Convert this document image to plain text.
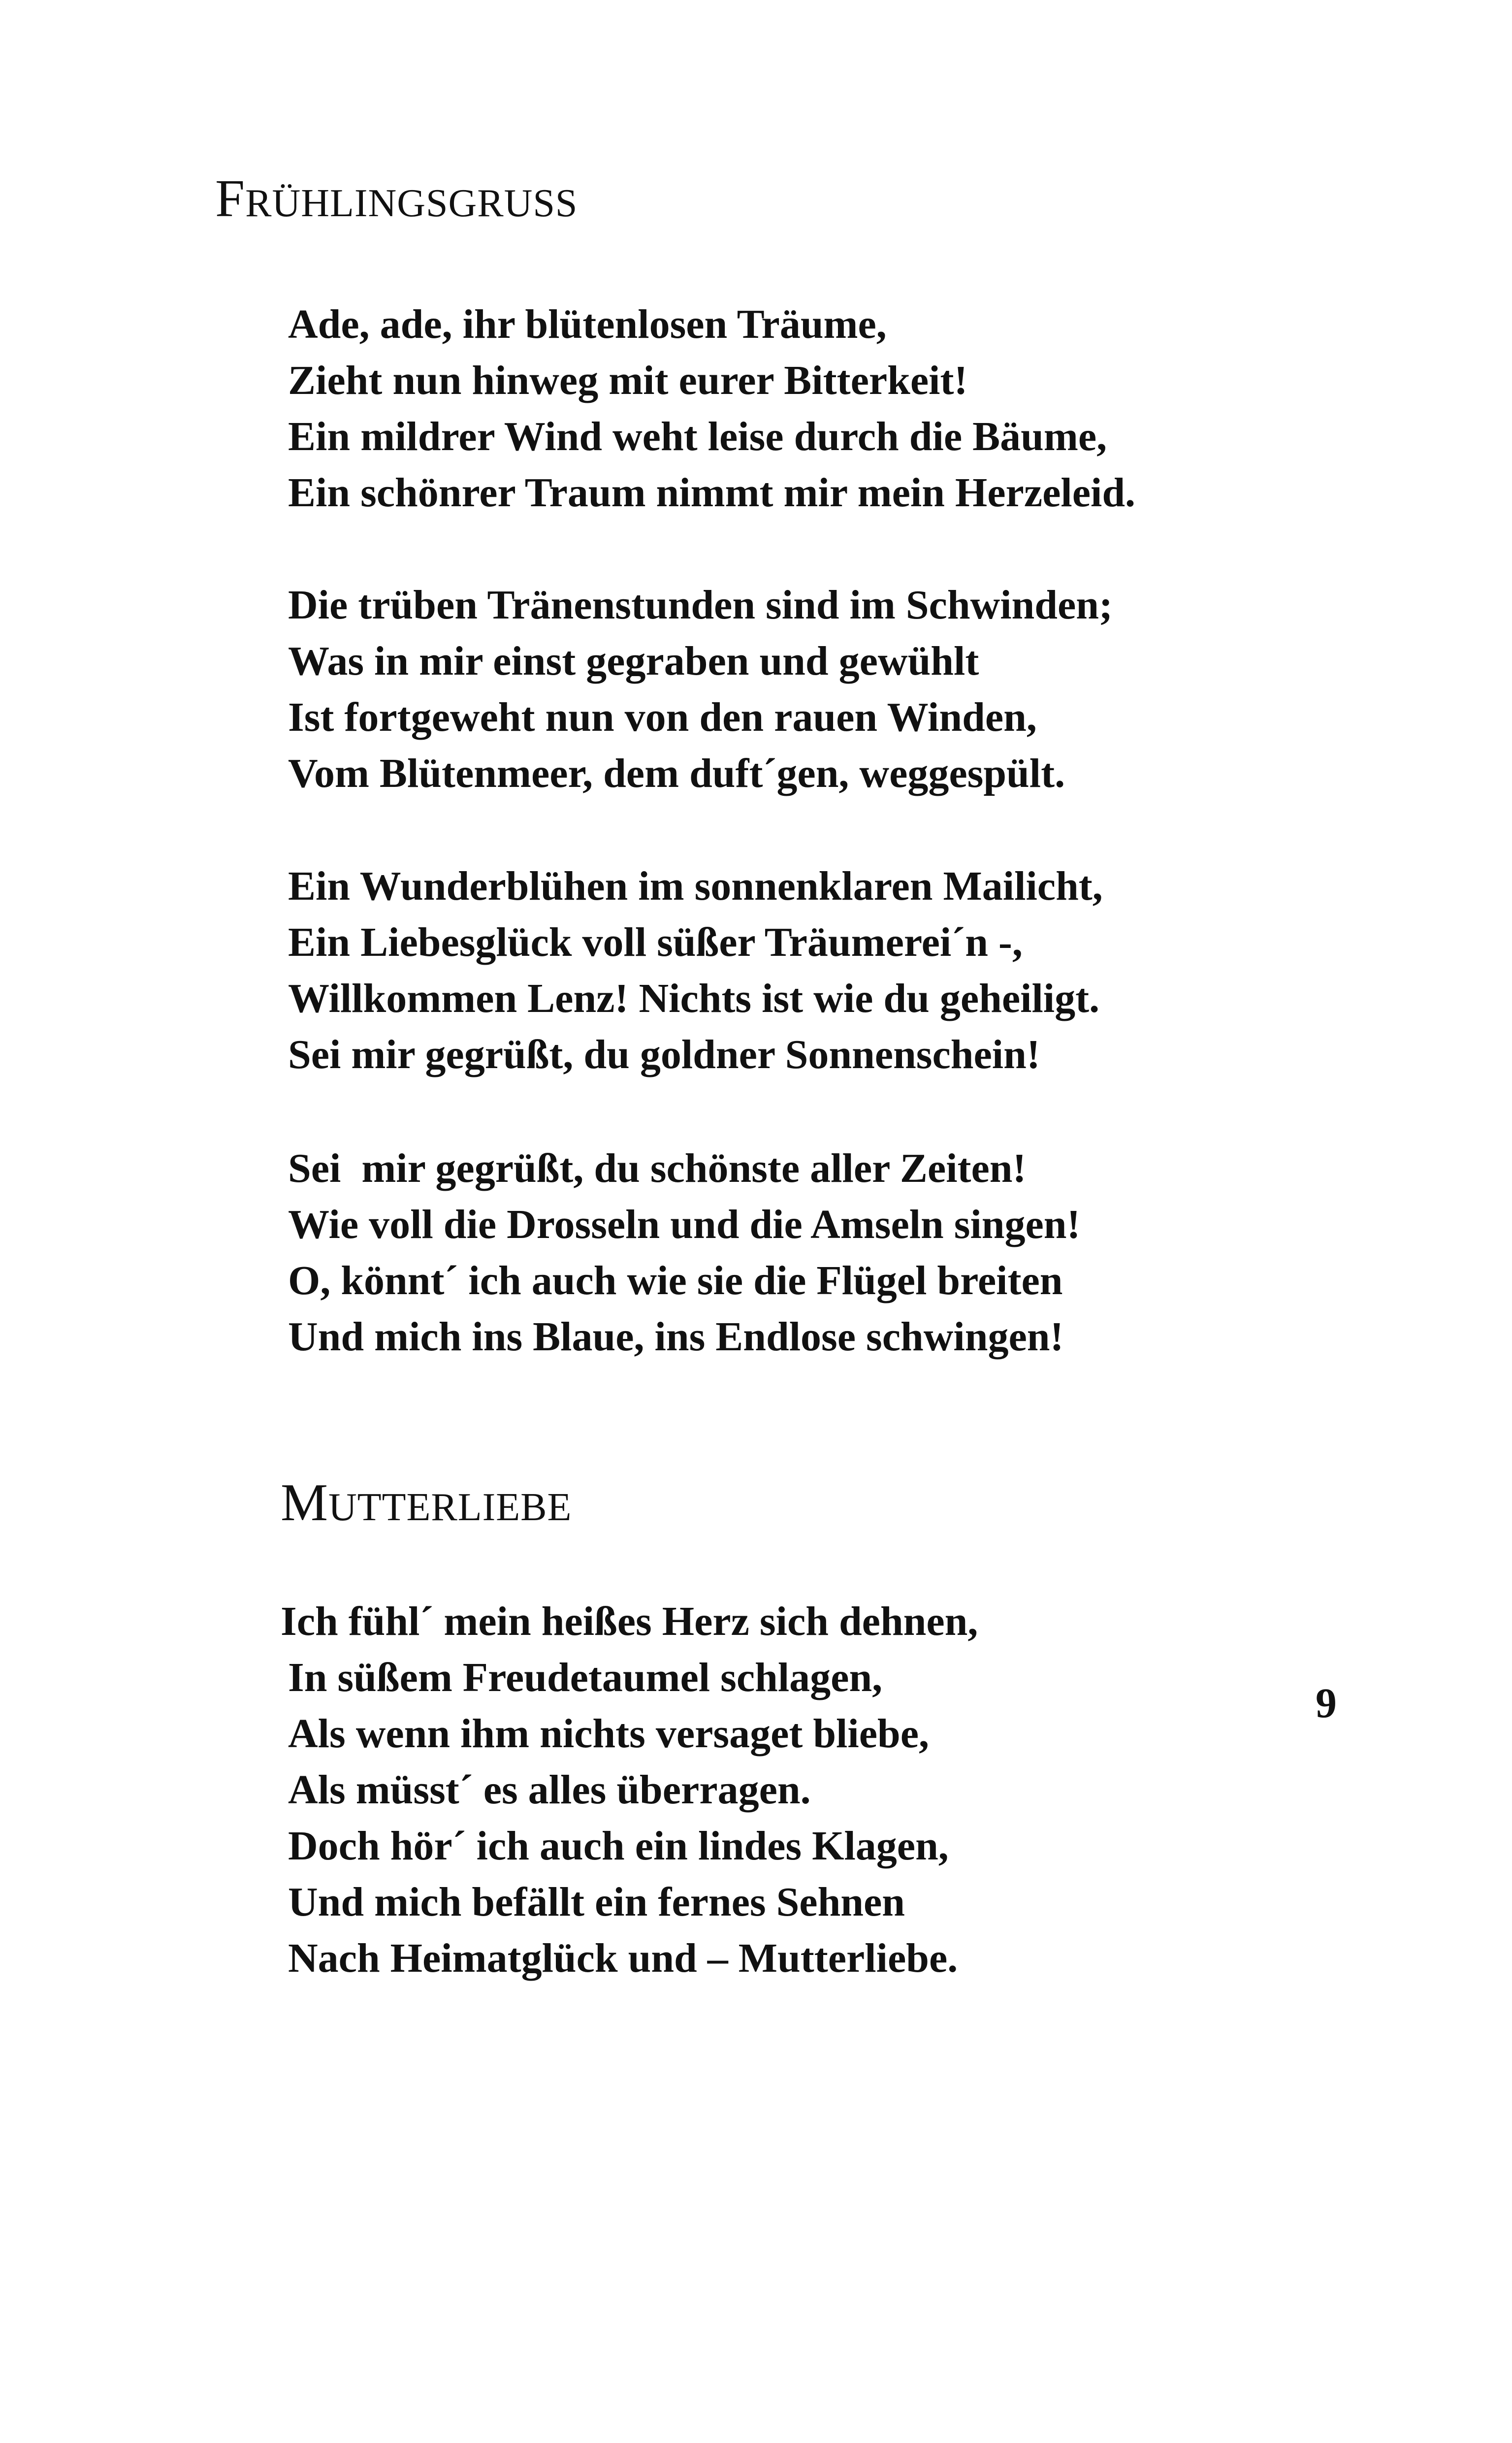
FRÜHLINGSGRUSS
Ade, ade, ihr blütenlosen Träume,
Zieht nun hinweg mit eurer Bitterkeit!
Ein mildrer Wind weht leise durch die Bäume,
Ein schönrer Traum nimmt mir mein Herzeleid.
Die trüben Tränenstunden sind im Schwinden;
Was in mir einst gegraben und gewühlt
Ist fortgeweht nun von den rauen Winden,
Vom Blütenmeer, dem duft´gen, weggespült.
Ein Wunderblühen im sonnenklaren Mailicht,
Ein Liebesglück voll süßer Träumerei´n -,
Willkommen Lenz! Nichts ist wie du geheiligt.
Sei mir gegrüßt, du goldner Sonnenschein!
Sei  mir gegrüßt, du schönste aller Zeiten!
Wie voll die Drosseln und die Amseln singen!
O, könnt´ ich auch wie sie die Flügel breiten
Und mich ins Blaue, ins Endlose schwingen!
MUTTERLIEBE
Ich fühl´ mein heißes Herz sich dehnen,
In süßem Freudetaumel schlagen,
Als wenn ihm nichts versaget bliebe,
Als müsst´ es alles überragen.
Doch hör´ ich auch ein lindes Klagen,
Und mich befällt ein fernes Sehnen
Nach Heimatglück und – Mutterliebe.
9
